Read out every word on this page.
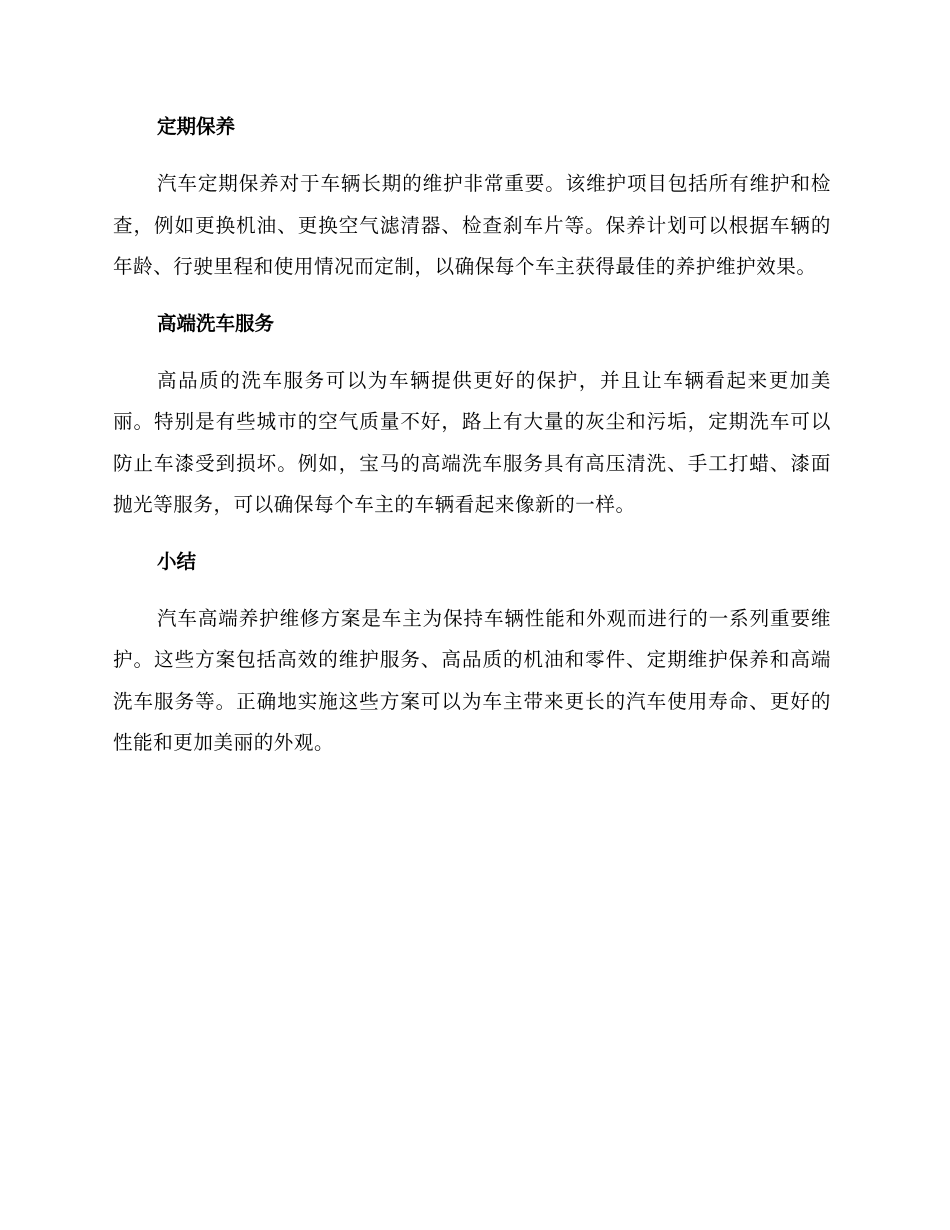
定期保养

汽车定期保养对于车辆长期的维护非常重要。该维护项目包括所有维护和检查，例如更换机油、更换空气滤清器、检查刹车片等。保养计划可以根据车辆的年龄、行驶里程和使用情况而定制，以确保每个车主获得最佳的养护维护效果。

高端洗车服务

高品质的洗车服务可以为车辆提供更好的保护，并且让车辆看起来更加美丽。特别是有些城市的空气质量不好，路上有大量的灰尘和污垢，定期洗车可以防止车漆受到损坏。例如，宝马的高端洗车服务具有高压清洗、手工打蜡、漆面抛光等服务，可以确保每个车主的车辆看起来像新的一样。

小结

汽车高端养护维修方案是车主为保持车辆性能和外观而进行的一系列重要维护。这些方案包括高效的维护服务、高品质的机油和零件、定期维护保养和高端洗车服务等。正确地实施这些方案可以为车主带来更长的汽车使用寿命、更好的性能和更加美丽的外观。
